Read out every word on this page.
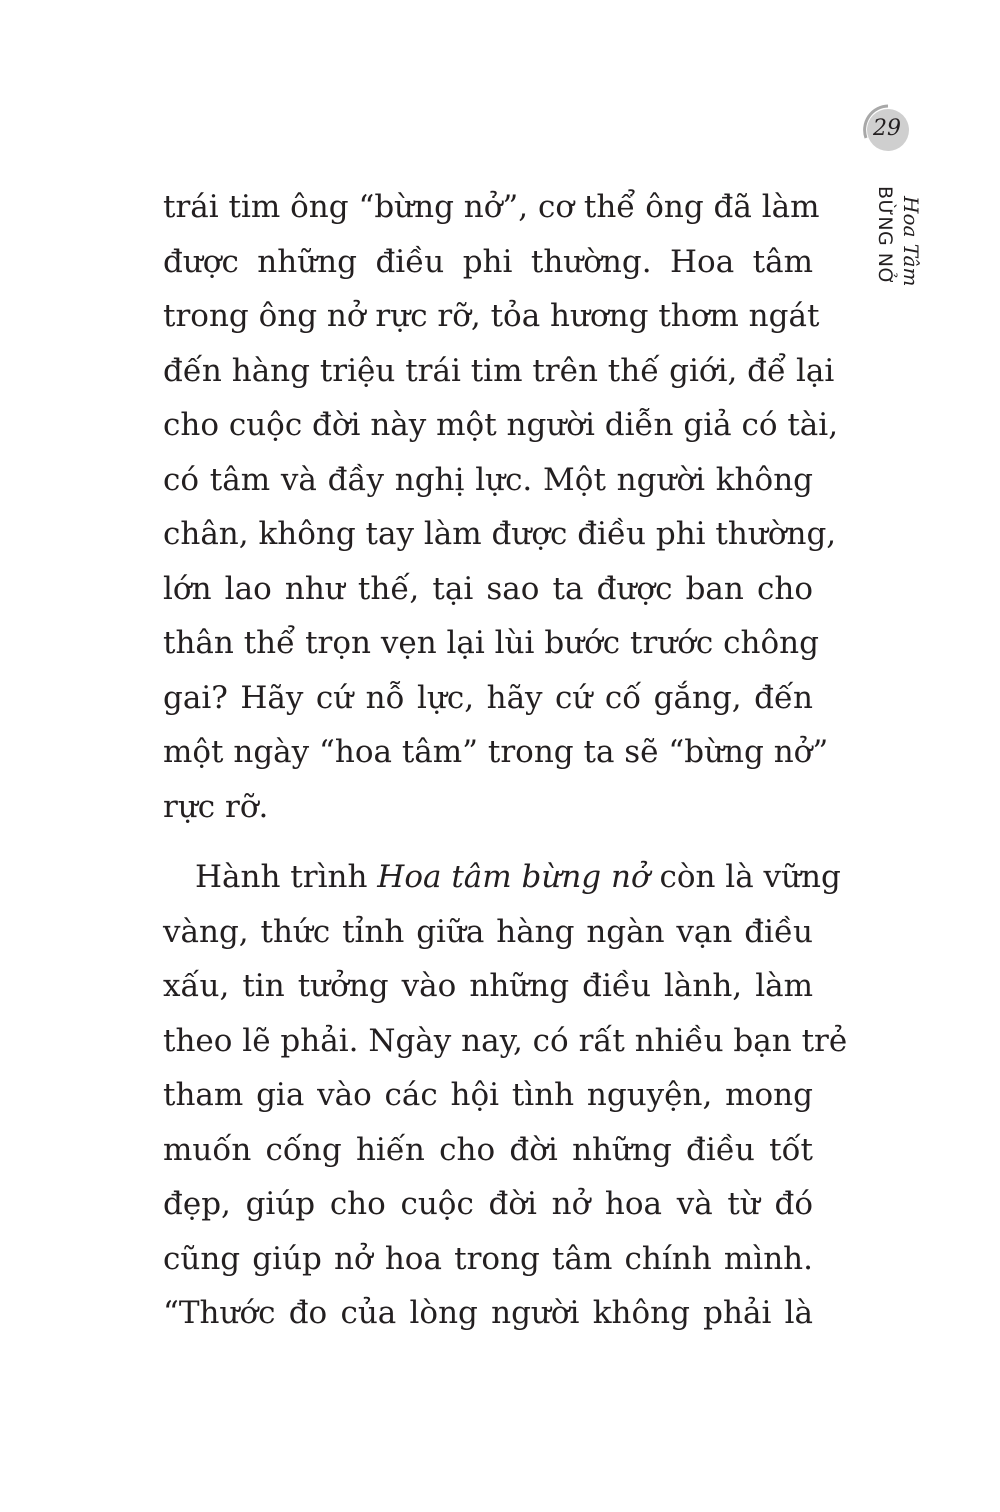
29
Hoa Tâm
BỪNG NỞ
trái tim ông “bừng nở”, cơ thể ông đã làm
được những điều phi thường. Hoa tâm
trong ông nở rực rỡ, tỏa hương thơm ngát
đến hàng triệu trái tim trên thế giới, để lại
cho cuộc đời này một người diễn giả có tài,
có tâm và đầy nghị lực. Một người không
chân, không tay làm được điều phi thường,
lớn lao như thế, tại sao ta được ban cho
thân thể trọn vẹn lại lùi bước trước chông
gai? Hãy cứ nỗ lực, hãy cứ cố gắng, đến
một ngày “hoa tâm” trong ta sẽ “bừng nở”
rực rỡ.
Hành trình Hoa tâm bừng nở còn là vững
vàng, thức tỉnh giữa hàng ngàn vạn điều
xấu, tin tưởng vào những điều lành, làm
theo lẽ phải. Ngày nay, có rất nhiều bạn trẻ
tham gia vào các hội tình nguyện, mong
muốn cống hiến cho đời những điều tốt
đẹp, giúp cho cuộc đời nở hoa và từ đó
cũng giúp nở hoa trong tâm chính mình.
“Thước đo của lòng người không phải là
